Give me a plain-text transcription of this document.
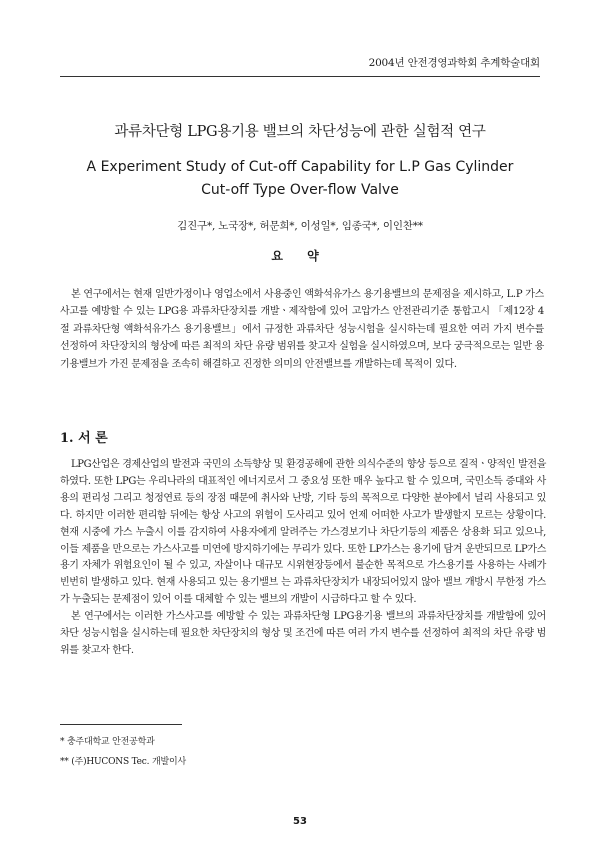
2004년 안전경영과학회 추계학술대회
과류차단형 LPG용기용 밸브의 차단성능에 관한 실험적 연구
A Experiment Study of Cut-off Capability for L.P Gas Cylinder
Cut-off Type Over-flow Valve
김진구*, 노국장*, 허문희*, 이성일*, 임종국*, 이인찬**
요 약

본 연구에서는 현재 일반가정이나 영업소에서 사용중인 액화석유가스 용기용밸브의 문제점을 제시하고, L.P 가스사고를 예방할 수 있는 LPG용 과류차단장치를 개발ㆍ제작함에 있어 고압가스 안전관리기준 통합고시 「제12장 4절 과류차단형 액화석유가스 용기용밸브」에서 규정한 과류차단 성능시험을 실시하는데 필요한 여러 가지 변수를 선정하여 차단장치의 형상에 따른 최적의 차단 유량 범위를 찾고자 실험을 실시하였으며, 보다 궁극적으로는 일반 용기용밸브가 가진 문제점을 조속히 해결하고 진정한 의미의 안전밸브를 개발하는데 목적이 있다.

1. 서 론

LPG산업은 경제산업의 발전과 국민의 소득향상 및 환경공해에 관한 의식수준의 향상 등으로 질적ㆍ양적인 발전을 하였다. 또한 LPG는 우리나라의 대표적인 에너지로서 그 중요성 또한 매우 높다고 할 수 있으며, 국민소득 증대와 사용의 편리성 그리고 청정연료 등의 장점 때문에 취사와 난방, 기타 등의 목적으로 다양한 분야에서 널리 사용되고 있다. 하지만 이러한 편리함 뒤에는 항상 사고의 위험이 도사리고 있어 언제 어떠한 사고가 발생할지 모르는 상황이다. 현재 시중에 가스 누출시 이를 감지하여 사용자에게 알려주는 가스경보기나 차단기등의 제품은 상용화 되고 있으나, 이들 제품을 만으로는 가스사고를 미연에 방지하기에는 무리가 있다. 또한 LP가스는 용기에 담겨 운반되므로 LP가스용기 자체가 위험요인이 될 수 있고, 자살이나 대규모 시위현장등에서 불순한 목적으로 가스용기를 사용하는 사례가 빈번히 발생하고 있다. 현재 사용되고 있는 용기밸브 는 과류차단장치가 내장되어있지 않아 밸브 개방시 무한정 가스가 누출되는 문제점이 있어 이를 대체할 수 있는 밸브의 개발이 시급하다고 할 수 있다.

본 연구에서는 이러한 가스사고를 예방할 수 있는 과류차단형 LPG용기용 밸브의 과류차단장치를 개발함에 있어 차단 성능시험을 실시하는데 필요한 차단장치의 형상 및 조건에 따른 여러 가지 변수를 선정하여 최적의 차단 유량 범위를 찾고자 한다.

* 충주대학교 안전공학과
** (주)HUCONS Tec. 개발이사
53
